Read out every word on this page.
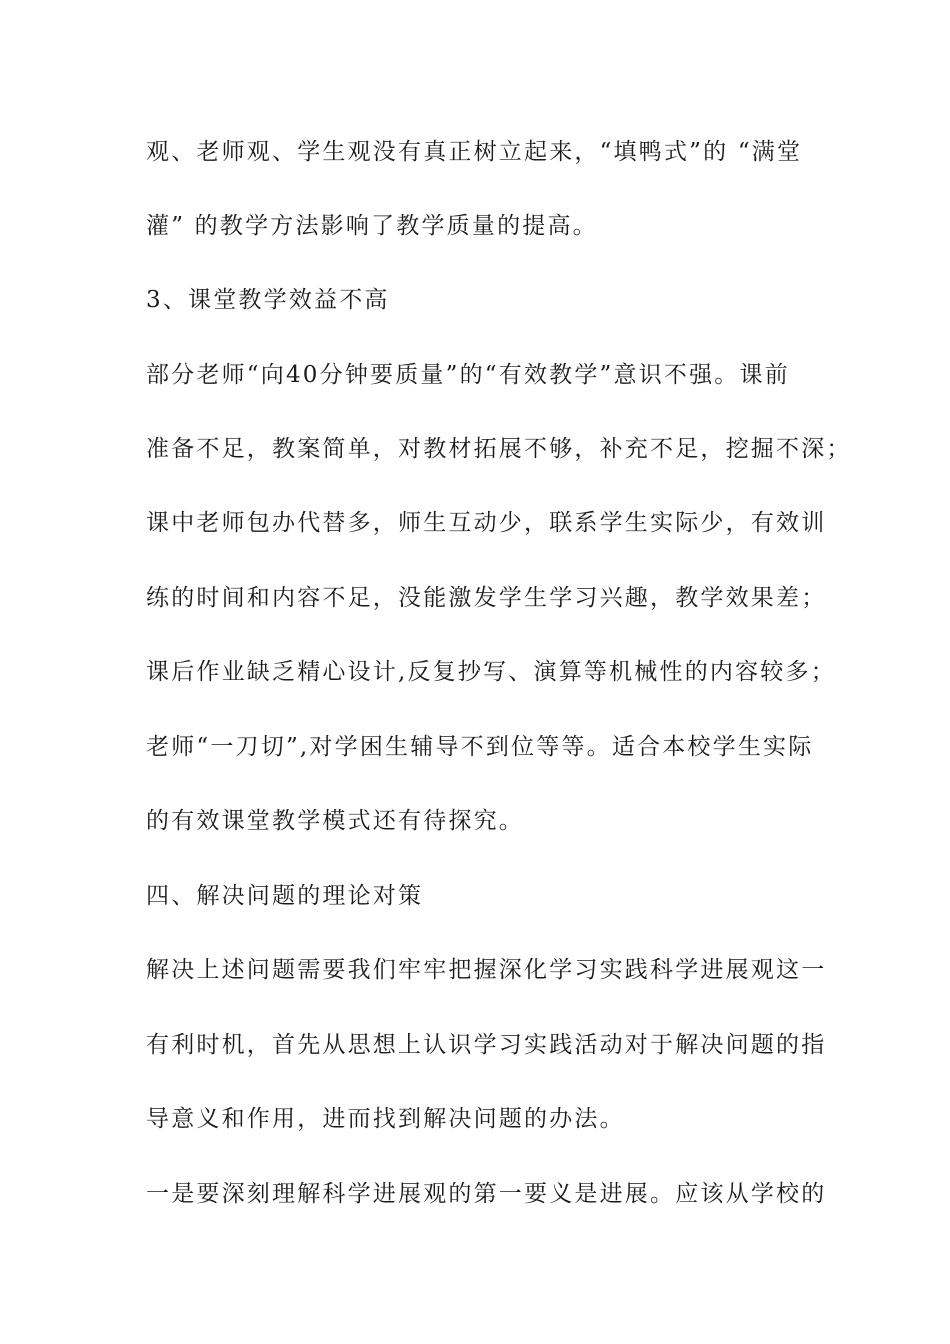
观、老师观、学生观没有真正树立起来，“填鸭式”的 “满堂
灌” 的教学方法影响了教学质量的提高。
3、课堂教学效益不高
部分老师“向40分钟要质量”的“有效教学”意识不强。课前
准备不足，教案简单，对教材拓展不够，补充不足，挖掘不深；
课中老师包办代替多，师生互动少，联系学生实际少，有效训
练的时间和内容不足，没能激发学生学习兴趣，教学效果差；
课后作业缺乏精心设计,反复抄写、演算等机械性的内容较多；
老师“一刀切”,对学困生辅导不到位等等。适合本校学生实际
的有效课堂教学模式还有待探究。
四、解决问题的理论对策
解决上述问题需要我们牢牢把握深化学习实践科学进展观这一
有利时机，首先从思想上认识学习实践活动对于解决问题的指
导意义和作用，进而找到解决问题的办法。
一是要深刻理解科学进展观的第一要义是进展。应该从学校的
